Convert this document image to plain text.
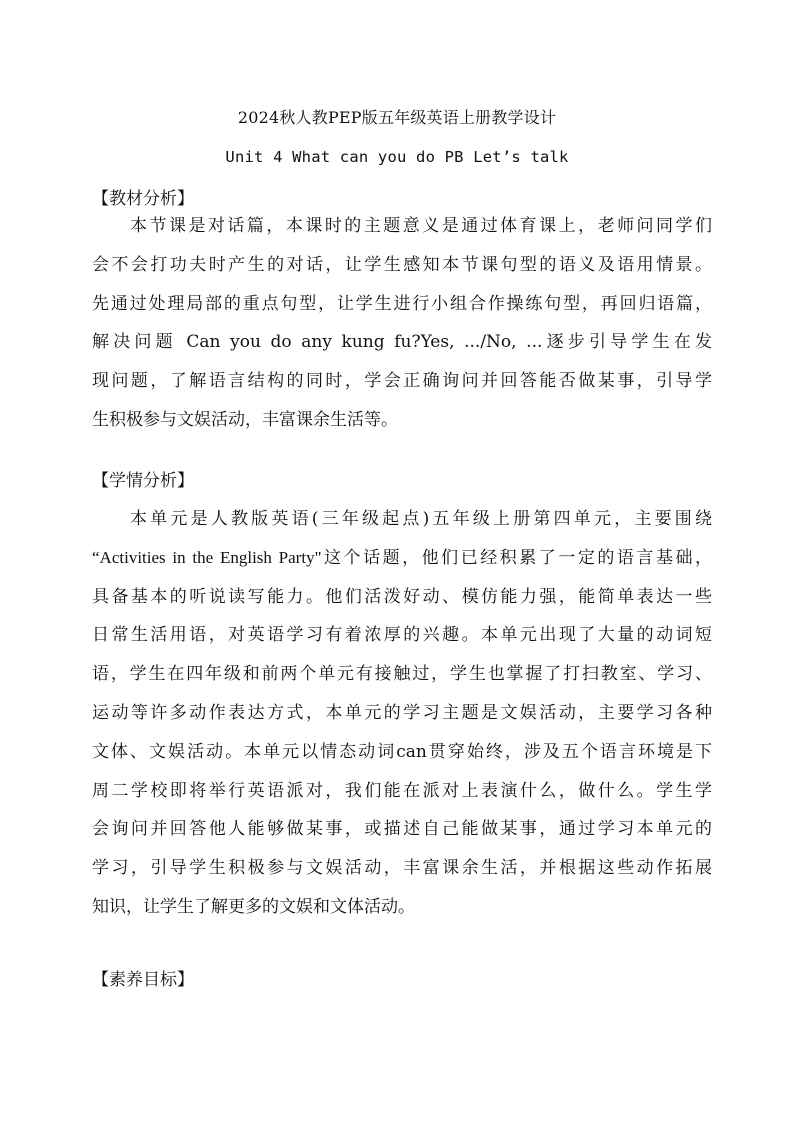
2024秋人教PEP版五年级英语上册教学设计
Unit 4 What can you do PB Let’s talk
【教材分析】
本节课是对话篇，本课时的主题意义是通过体育课上，老师问同学们
会不会打功夫时产生的对话，让学生感知本节课句型的语义及语用情景。
先通过处理局部的重点句型，让学生进行小组合作操练句型，再回归语篇，
解决问题 Can you do any kung fu?Yes, .../No, ...逐步引导学生在发
现问题，了解语言结构的同时，学会正确询问并回答能否做某事，引导学
生积极参与文娱活动，丰富课余生活等。
【学情分析】
本单元是人教版英语(三年级起点)五年级上册第四单元，主要围绕
“Activities in the English Party"这个话题，他们已经积累了一定的语言基础，
具备基本的听说读写能力。他们活泼好动、模仿能力强，能简单表达一些
日常生活用语，对英语学习有着浓厚的兴趣。本单元出现了大量的动词短
语，学生在四年级和前两个单元有接触过，学生也掌握了打扫教室、学习、
运动等许多动作表达方式，本单元的学习主题是文娱活动，主要学习各种
文体、文娱活动。本单元以情态动词can贯穿始终，涉及五个语言环境是下
周二学校即将举行英语派对，我们能在派对上表演什么，做什么。学生学
会询问并回答他人能够做某事，或描述自己能做某事，通过学习本单元的
学习，引导学生积极参与文娱活动，丰富课余生活，并根据这些动作拓展
知识，让学生了解更多的文娱和文体活动。
【素养目标】
